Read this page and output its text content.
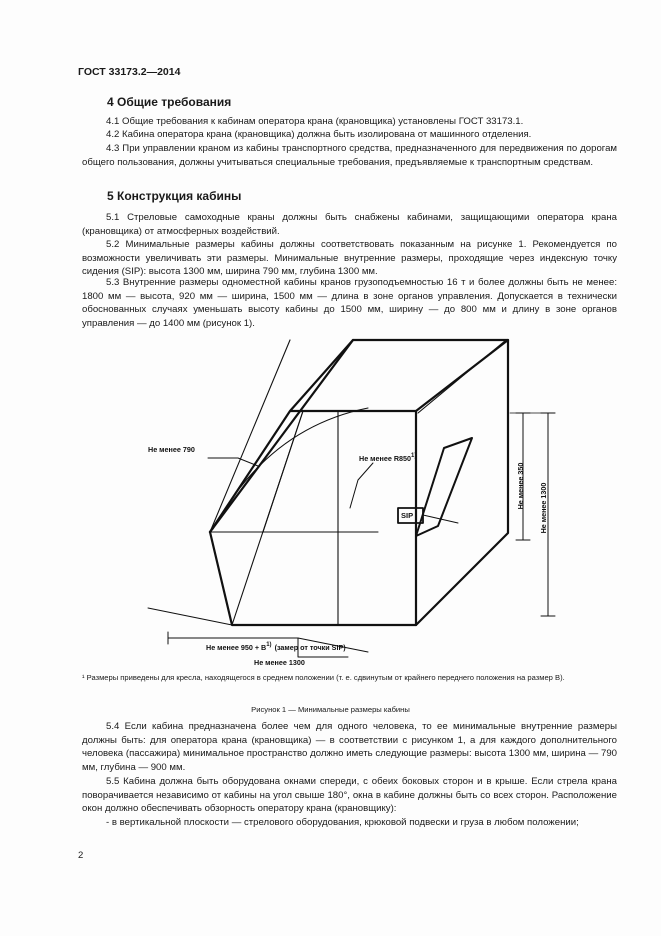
ГОСТ 33173.2—2014
4 Общие требования
4.1 Общие требования к кабинам оператора крана (крановщика) установлены ГОСТ 33173.1.
4.2 Кабина оператора крана (крановщика) должна быть изолирована от машинного отделения.
4.3 При управлении краном из кабины транспортного средства, предназначенного для передвижения по дорогам общего пользования, должны учитываться специальные требования, предъявляемые к транспортным средствам.
5 Конструкция кабины
5.1 Стреловые самоходные краны должны быть снабжены кабинами, защищающими оператора крана (крановщика) от атмосферных воздействий.
5.2 Минимальные размеры кабины должны соответствовать показанным на рисунке 1. Рекомендуется по возможности увеличивать эти размеры. Минимальные внутренние размеры, проходящие через индексную точку сидения (SIP): высота 1300 мм, ширина 790 мм, глубина 1300 мм.
5.3 Внутренние размеры одноместной кабины кранов грузоподъемностью 16 т и более должны быть не менее: 1800 мм — высота, 920 мм — ширина, 1500 мм — длина в зоне органов управления. Допускается в технически обоснованных случаях уменьшать высоту кабины до 1500 мм, ширину — до 800 мм и длину в зоне органов управления — до 1400 мм (рисунок 1).
Не менее 790
Не менее R850$^{1)}$
SIP
Не менее 350 Не менее 1300
Не менее $950 + B^{1)}$ (замер от точки SIP)
Не менее 1300
¹ Размеры приведены для кресла, находящегося в среднем положении (т. е. сдвинутым от крайнего переднего положения на размер B).
Рисунок 1 — Минимальные размеры кабины
5.4 Если кабина предназначена более чем для одного человека, то ее минимальные внутренние размеры должны быть: для оператора крана (крановщика) — в соответствии с рисунком 1, а для каждого дополнительного человека (пассажира) минимальное пространство должно иметь следующие размеры: высота 1300 мм, ширина — 790 мм, глубина — 900 мм.
5.5 Кабина должна быть оборудована окнами спереди, с обеих боковых сторон и в крыше. Если стрела крана поворачивается независимо от кабины на угол свыше 180°, окна в кабине должны быть со всех сторон. Расположение окон должно обеспечивать обзорность оператору крана (крановщику):
- в вертикальной плоскости — стрелового оборудования, крюковой подвески и груза в любом положении;
2
